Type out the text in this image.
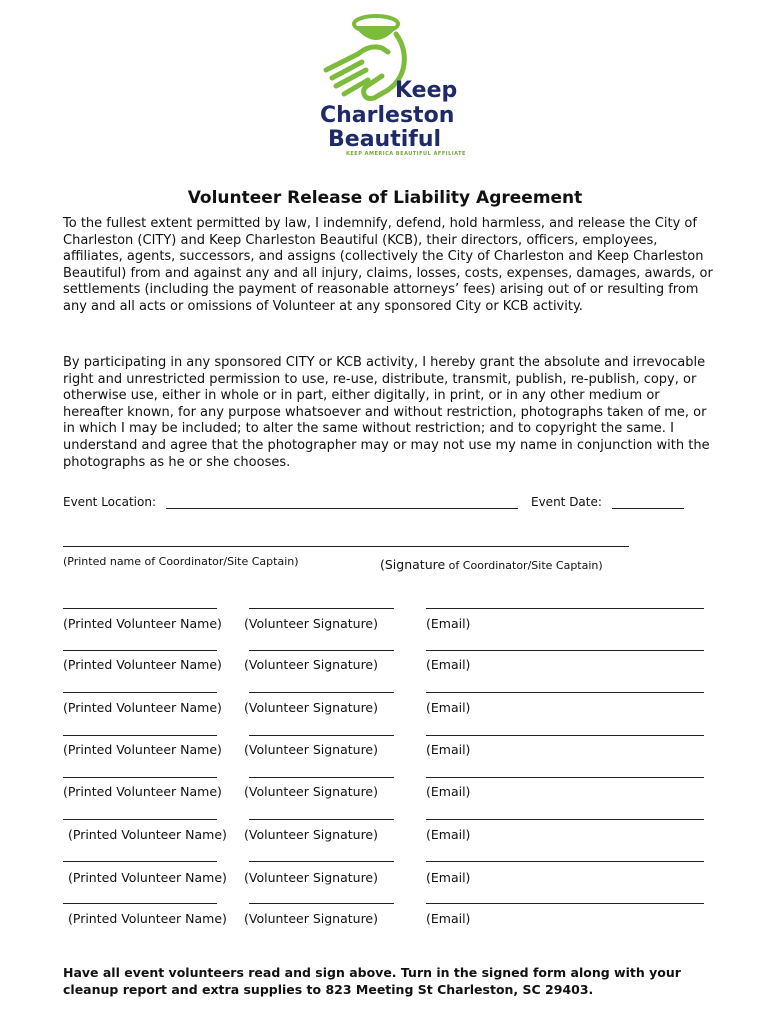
Keep
Charleston
Beautiful
KEEP AMERICA BEAUTIFUL AFFILIATE
Volunteer Release of Liability Agreement

To the fullest extent permitted by law, I indemnify, defend, hold harmless, and release the City of Charleston (CITY) and Keep Charleston Beautiful (KCB), their directors, officers, employees, affiliates, agents, successors, and assigns (collectively the City of Charleston and Keep Charleston Beautiful) from and against any and all injury, claims, losses, costs, expenses, damages, awards, or settlements (including the payment of reasonable attorneys’ fees) arising out of or resulting from any and all acts or omissions of Volunteer at any sponsored City or KCB activity.

By participating in any sponsored CITY or KCB activity, I hereby grant the absolute and irrevocable right and unrestricted permission to use, re-use, distribute, transmit, publish, re-publish, copy, or otherwise use, either in whole or in part, either digitally, in print, or in any other medium or hereafter known, for any purpose whatsoever and without restriction, photographs taken of me, or in which I may be included; to alter the same without restriction; and to copyright the same. I understand and agree that the photographer may or may not use my name in conjunction with the photographs as he or she chooses.

Event Location:	Event Date:
(Printed name of Coordinator/Site Captain)	(Signature of Coordinator/Site Captain)
(Printed Volunteer Name) (Volunteer Signature)	(Email)
(Printed Volunteer Name) (Volunteer Signature)	(Email)
(Printed Volunteer Name) (Volunteer Signature)	(Email)
(Printed Volunteer Name) (Volunteer Signature)	(Email)
(Printed Volunteer Name) (Volunteer Signature)	(Email)
(Printed Volunteer Name) (Volunteer Signature)	(Email)
(Printed Volunteer Name) (Volunteer Signature)	(Email)
(Printed Volunteer Name) (Volunteer Signature)	(Email)

Have all event volunteers read and sign above. Turn in the signed form along with your cleanup report and extra supplies to 823 Meeting St Charleston, SC 29403.
